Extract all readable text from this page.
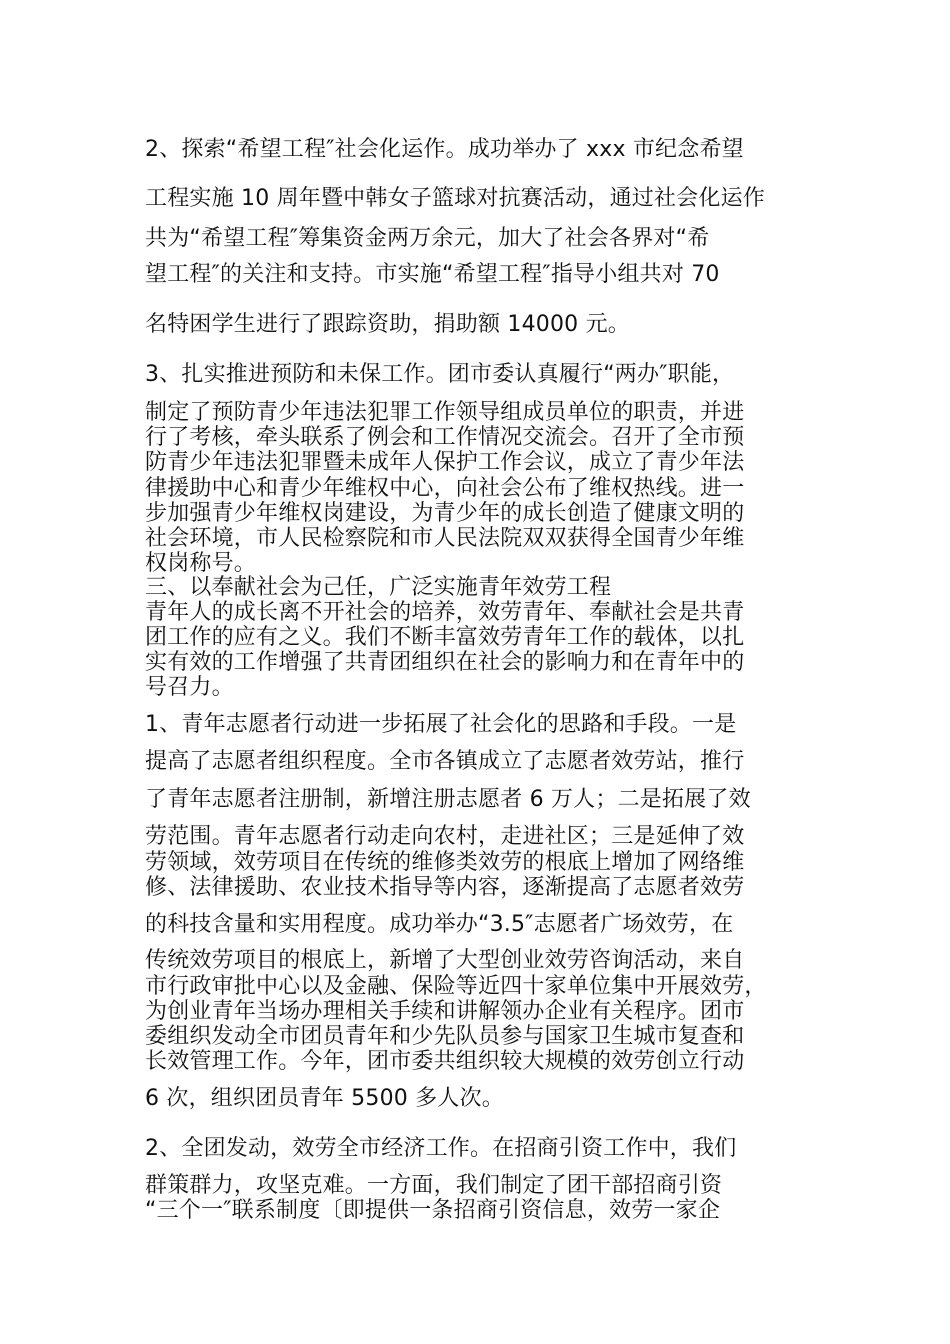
2、探索“希望工程″社会化运作。成功举办了 xxx 市纪念希望
工程实施 10 周年暨中韩女子篮球对抗赛活动，通过社会化运作
共为“希望工程″筹集资金两万余元，加大了社会各界对“希
望工程″的关注和支持。市实施“希望工程″指导小组共对 70
名特困学生进行了跟踪资助，捐助额 14000 元。
3、扎实推进预防和未保工作。团市委认真履行“两办″职能，
制定了预防青少年违法犯罪工作领导组成员单位的职责，并进
行了考核，牵头联系了例会和工作情况交流会。召开了全市预
防青少年违法犯罪暨未成年人保护工作会议，成立了青少年法
律援助中心和青少年维权中心，向社会公布了维权热线。进一
步加强青少年维权岗建设，为青少年的成长创造了健康文明的
社会环境，市人民检察院和市人民法院双双获得全国青少年维
权岗称号。
三、以奉献社会为己任，广泛实施青年效劳工程
青年人的成长离不开社会的培养，效劳青年、奉献社会是共青
团工作的应有之义。我们不断丰富效劳青年工作的载体，以扎
实有效的工作增强了共青团组织在社会的影响力和在青年中的
号召力。
1、青年志愿者行动进一步拓展了社会化的思路和手段。一是
提高了志愿者组织程度。全市各镇成立了志愿者效劳站，推行
了青年志愿者注册制，新增注册志愿者 6 万人；二是拓展了效
劳范围。青年志愿者行动走向农村，走进社区；三是延伸了效
劳领域，效劳项目在传统的维修类效劳的根底上增加了网络维
修、法律援助、农业技术指导等内容，逐渐提高了志愿者效劳
的科技含量和实用程度。成功举办“3.5″志愿者广场效劳，在
传统效劳项目的根底上，新增了大型创业效劳咨询活动，来自
市行政审批中心以及金融、保险等近四十家单位集中开展效劳，
为创业青年当场办理相关手续和讲解领办企业有关程序。团市
委组织发动全市团员青年和少先队员参与国家卫生城市复查和
长效管理工作。今年，团市委共组织较大规模的效劳创立行动
6 次，组织团员青年 5500 多人次。
2、全团发动，效劳全市经济工作。在招商引资工作中，我们
群策群力，攻坚克难。一方面，我们制定了团干部招商引资
“三个一″联系制度〔即提供一条招商引资信息，效劳一家企
